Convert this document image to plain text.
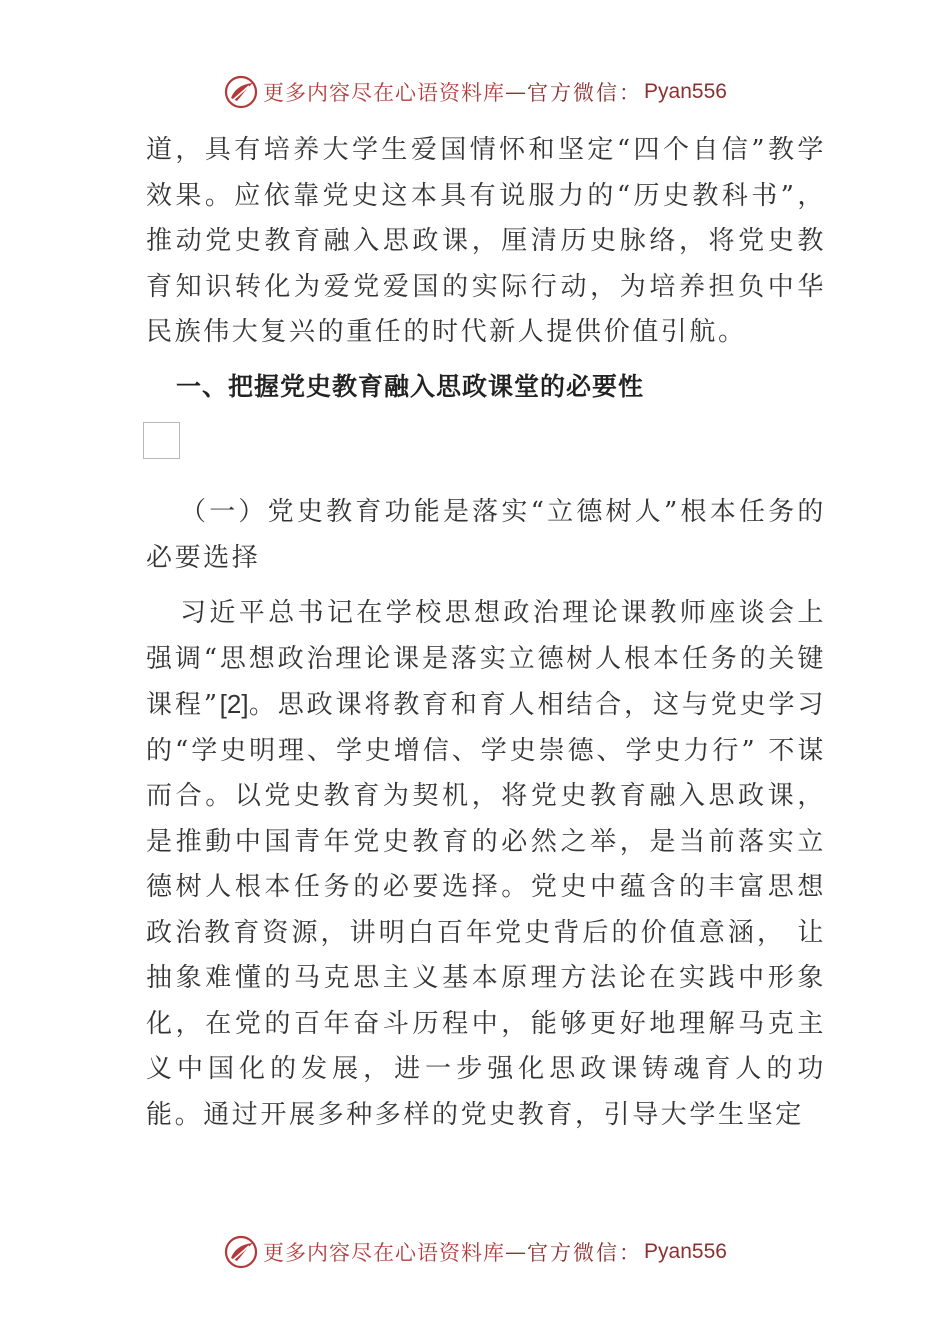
更多内容尽在心语资料库 — 官方微信： Pyan556

道，具有培养大学生爱国情怀和坚定“四个自信”教学效果。应依靠党史这本具有说服力的“历史教科书”，推动党史教育融入思政课，厘清历史脉络，将党史教育知识转化为爱党爱国的实际行动，为培养担负中华民族伟大复兴的重任的时代新人提供价值引航。

一、把握党史教育融入思政课堂的必要性

（一）党史教育功能是落实“立德树人”根本任务的必要选择

习近平总书记在学校思想政治理论课教师座谈会上强调“思想政治理论课是落实立德树人根本任务的关键课程”[2]。思政课将教育和育人相结合，这与党史学习的“学史明理、学史增信、学史崇德、学史力行” 不谋而合。以党史教育为契机，将党史教育融入思政课，是推動中国青年党史教育的必然之举，是当前落实立德树人根本任务的必要选择。党史中蕴含的丰富思想政治教育资源，讲明白百年党史背后的价值意涵， 让抽象难懂的马克思主义基本原理方法论在实践中形象化，在党的百年奋斗历程中，能够更好地理解马克主义中国化的发展，进一步强化思政课铸魂育人的功能。通过开展多种多样的党史教育，引导大学生坚定

更多内容尽在心语资料库 — 官方微信： Pyan556
